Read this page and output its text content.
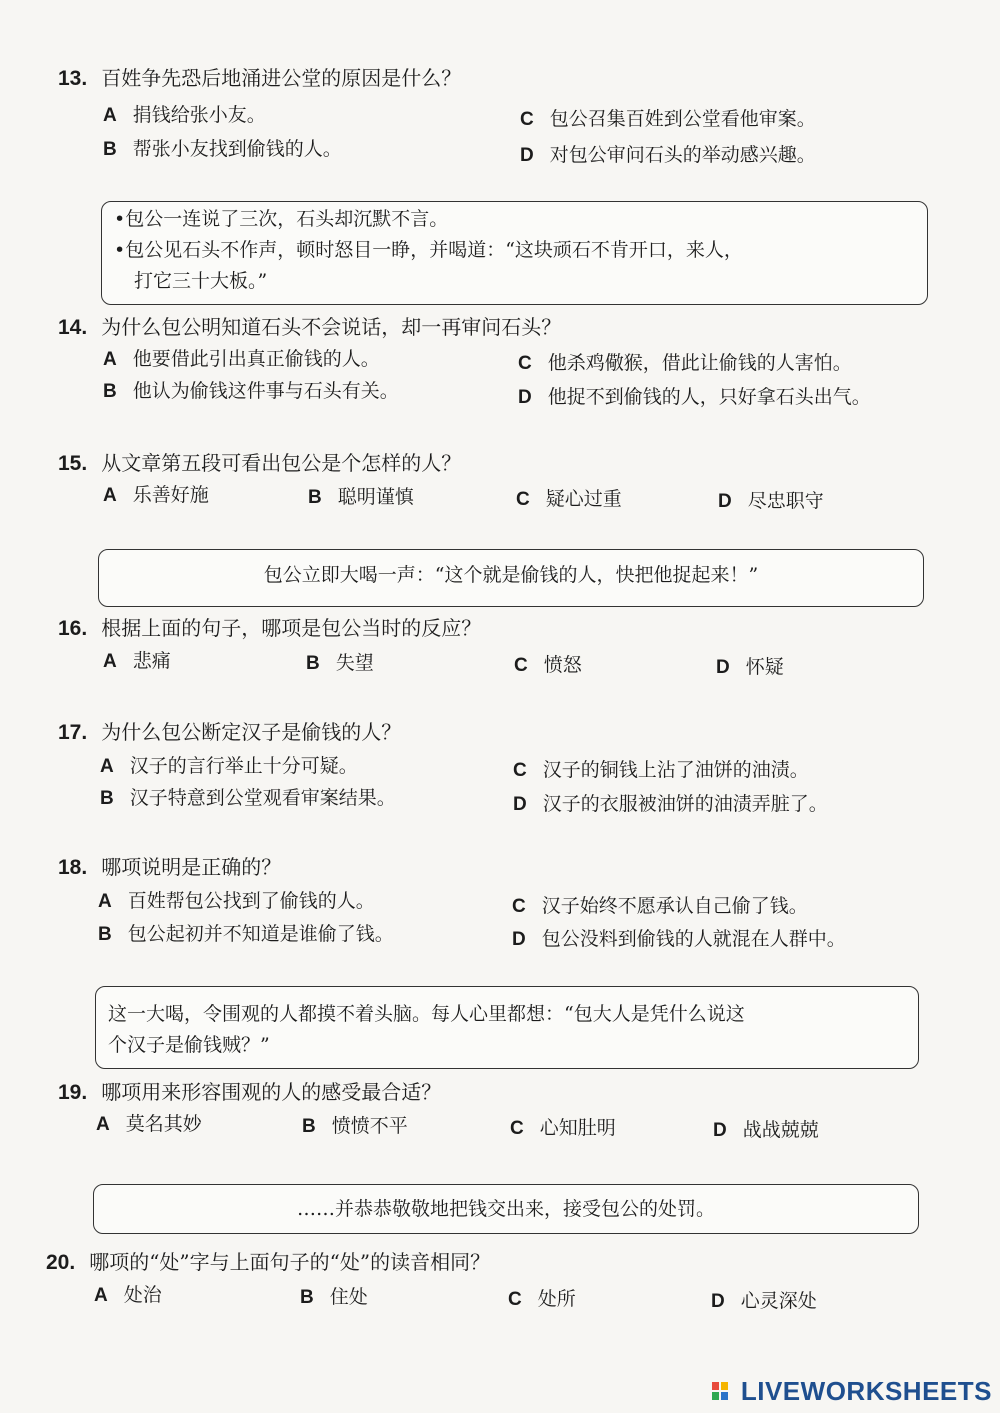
13. 百姓争先恐后地涌进公堂的原因是什么？
A 捐钱给张小友。
B 帮张小友找到偷钱的人。
C 包公召集百姓到公堂看他审案。
D 对包公审问石头的举动感兴趣。
•包公一连说了三次，石头却沉默不言。
•包公见石头不作声，顿时怒目一睁，并喝道：“这块顽石不肯开口，来人，
打它三十大板。”
14. 为什么包公明知道石头不会说话，却一再审问石头？
A 他要借此引出真正偷钱的人。
B 他认为偷钱这件事与石头有关。
C 他杀鸡儆猴，借此让偷钱的人害怕。
D 他捉不到偷钱的人，只好拿石头出气。
15. 从文章第五段可看出包公是个怎样的人？
A 乐善好施	B 聪明谨慎	C 疑心过重	D 尽忠职守
包公立即大喝一声：“这个就是偷钱的人，快把他捉起来！”
16. 根据上面的句子，哪项是包公当时的反应？
A 悲痛	B 失望	C 愤怒	D 怀疑
17. 为什么包公断定汉子是偷钱的人？
A 汉子的言行举止十分可疑。
B 汉子特意到公堂观看审案结果。
C 汉子的铜钱上沾了油饼的油渍。
D 汉子的衣服被油饼的油渍弄脏了。
18. 哪项说明是正确的？
A 百姓帮包公找到了偷钱的人。
B 包公起初并不知道是谁偷了钱。
C 汉子始终不愿承认自己偷了钱。
D 包公没料到偷钱的人就混在人群中。
这一大喝，令围观的人都摸不着头脑。每人心里都想：“包大人是凭什么说这
个汉子是偷钱贼？”
19. 哪项用来形容围观的人的感受最合适？
A 莫名其妙	B 愤愤不平	C 心知肚明	D 战战兢兢
……并恭恭敬敬地把钱交出来，接受包公的处罚。
20. 哪项的“处”字与上面句子的“处”的读音相同？
A 处治	B 住处	C 处所	D 心灵深处
LIVEWORKSHEETS
